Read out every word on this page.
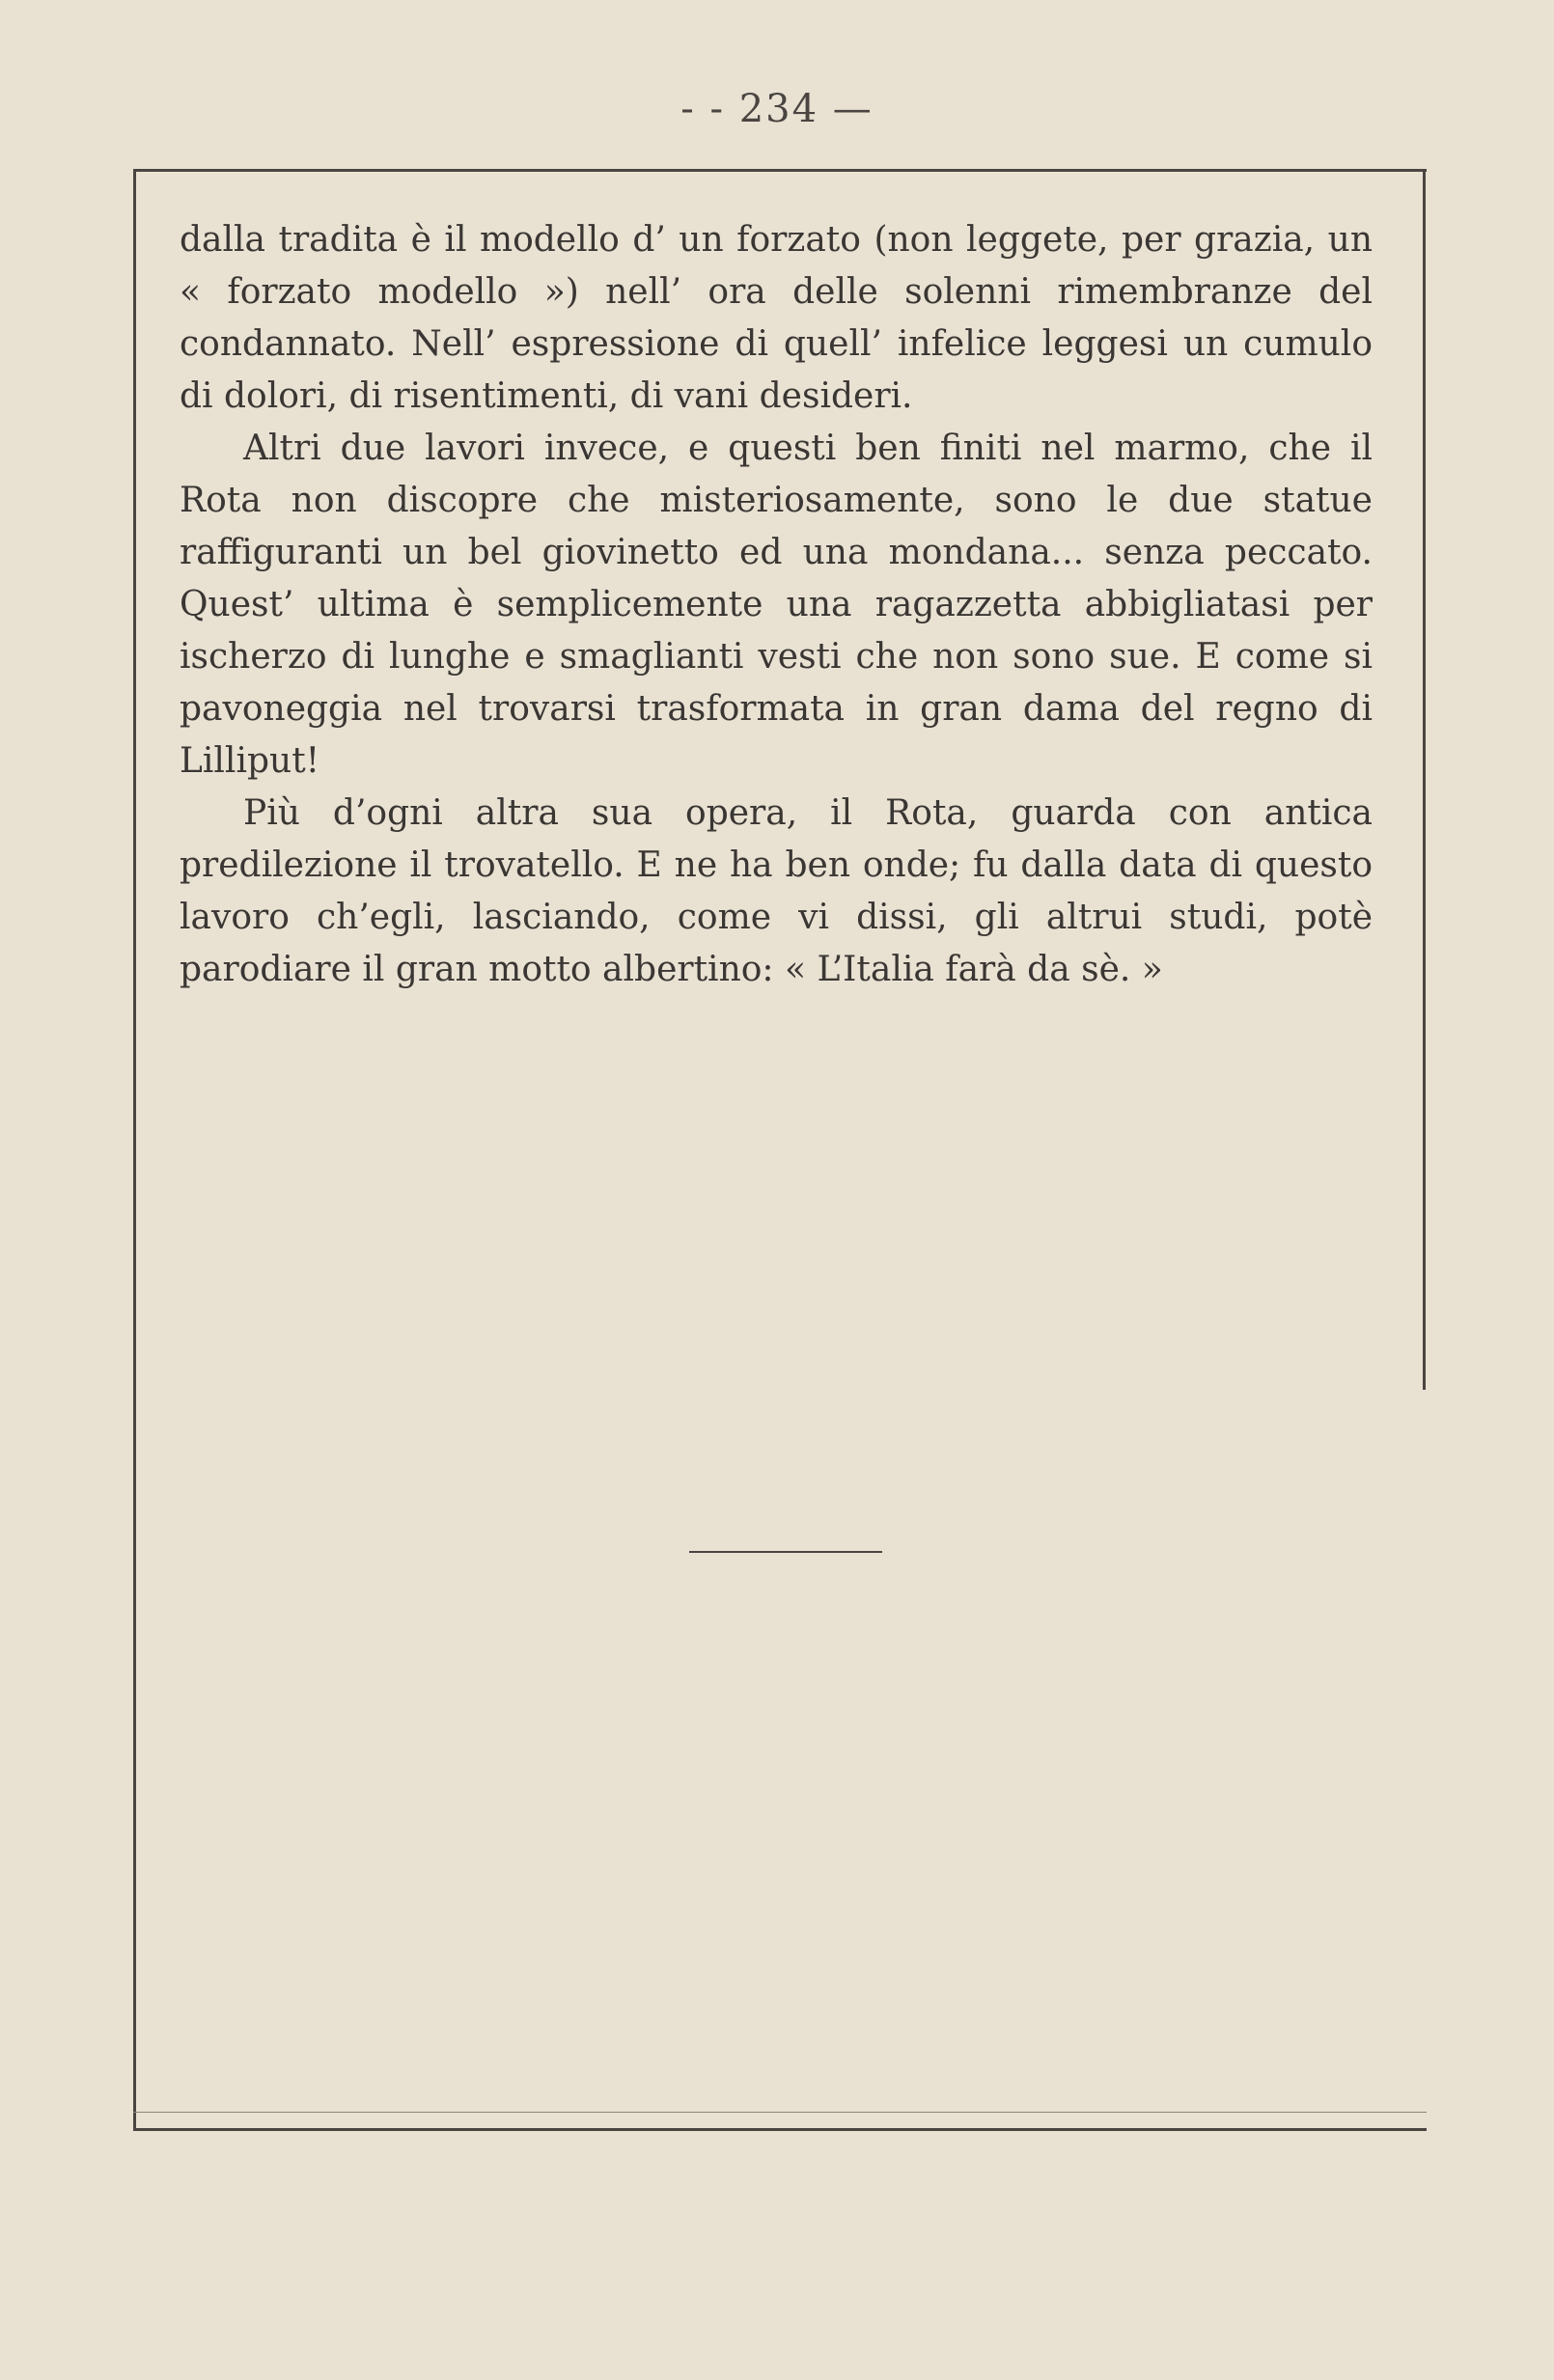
- - 234 —

dalla tradita è il modello d’ un forzato (non leggete, per grazia, un « forzato modello ») nell’ ora delle solenni rimembranze del condannato. Nell’ espressione di quell’ infelice leggesi un cumulo di dolori, di risentimenti, di vani desideri.

Altri due lavori invece, e questi ben finiti nel marmo, che il Rota non discopre che misteriosamente, sono le due statue raffiguranti un bel giovinetto ed una mondana... senza peccato. Quest’ ultima è semplicemente una ragazzetta abbigliatasi per ischerzo di lunghe e smaglianti vesti che non sono sue. E come si pavoneggia nel trovarsi trasformata in gran dama del regno di Lilliput!

Più d’ogni altra sua opera, il Rota, guarda con antica predilezione il trovatello. E ne ha ben onde; fu dalla data di questo lavoro ch’egli, lasciando, come vi dissi, gli altrui studi, potè parodiare il gran motto albertino: « L’Italia farà da sè. »
